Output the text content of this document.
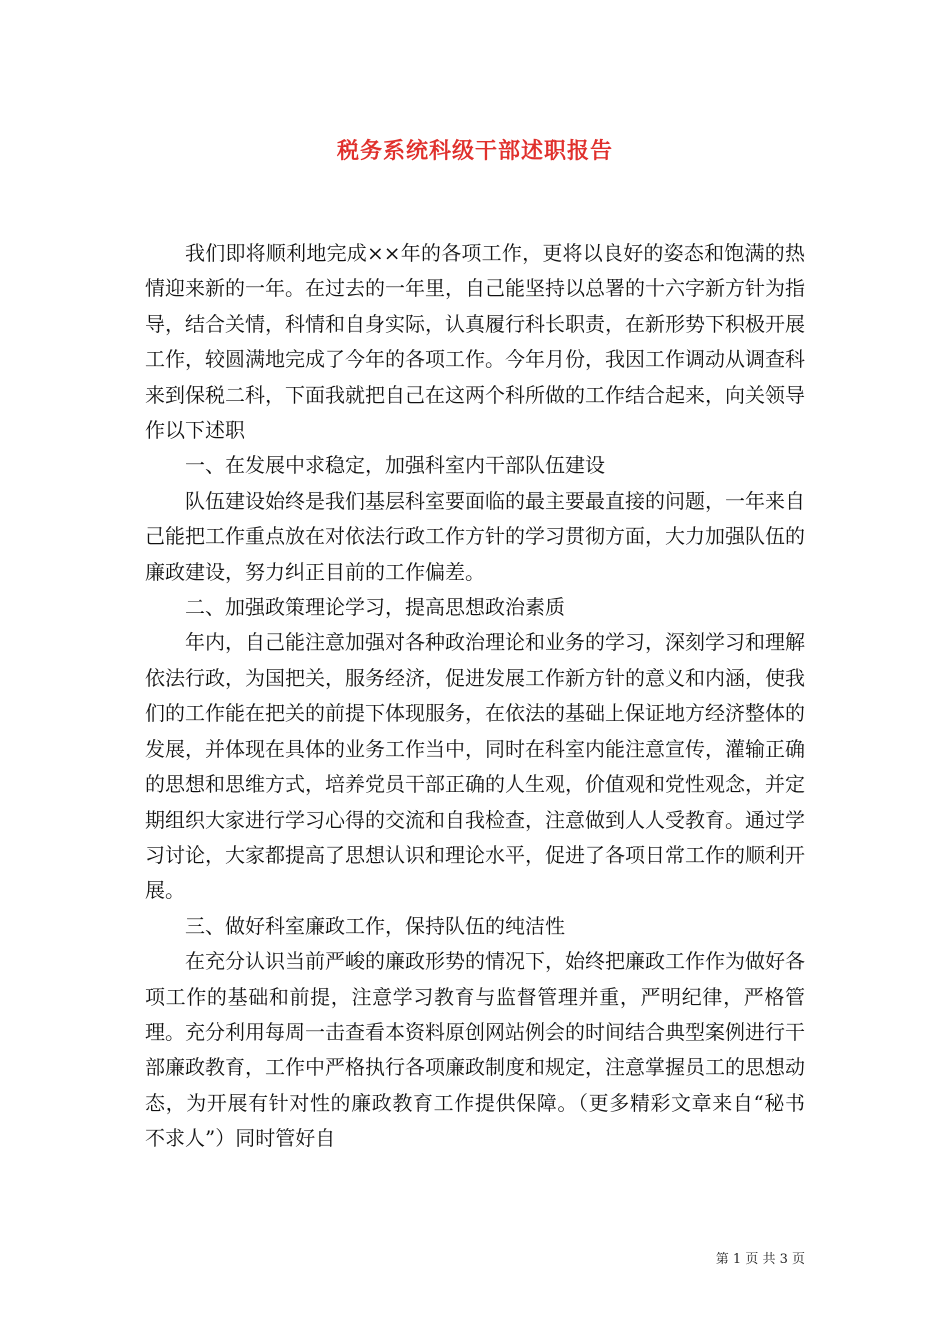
税务系统科级干部述职报告

我们即将顺利地完成××年的各项工作，更将以良好的姿态和饱满的热情迎来新的一年。在过去的一年里，自己能坚持以总署的十六字新方针为指导，结合关情，科情和自身实际，认真履行科长职责，在新形势下积极开展工作，较圆满地完成了今年的各项工作。今年月份，我因工作调动从调查科来到保税二科，下面我就把自己在这两个科所做的工作结合起来，向关领导作以下述职

一、在发展中求稳定，加强科室内干部队伍建设

队伍建设始终是我们基层科室要面临的最主要最直接的问题，一年来自己能把工作重点放在对依法行政工作方针的学习贯彻方面，大力加强队伍的廉政建设，努力纠正目前的工作偏差。

二、加强政策理论学习，提高思想政治素质

年内，自己能注意加强对各种政治理论和业务的学习，深刻学习和理解依法行政，为国把关，服务经济，促进发展工作新方针的意义和内涵，使我们的工作能在把关的前提下体现服务，在依法的基础上保证地方经济整体的发展，并体现在具体的业务工作当中，同时在科室内能注意宣传，灌输正确的思想和思维方式，培养党员干部正确的人生观，价值观和党性观念，并定期组织大家进行学习心得的交流和自我检查，注意做到人人受教育。通过学习讨论，大家都提高了思想认识和理论水平，促进了各项日常工作的顺利开展。

三、做好科室廉政工作，保持队伍的纯洁性

在充分认识当前严峻的廉政形势的情况下，始终把廉政工作作为做好各项工作的基础和前提，注意学习教育与监督管理并重，严明纪律，严格管理。充分利用每周一击查看本资料原创网站例会的时间结合典型案例进行干部廉政教育，工作中严格执行各项廉政制度和规定，注意掌握员工的思想动态，为开展有针对性的廉政教育工作提供保障。（更多精彩文章来自“秘书不求人”）同时管好自

第 1 页 共 3 页
